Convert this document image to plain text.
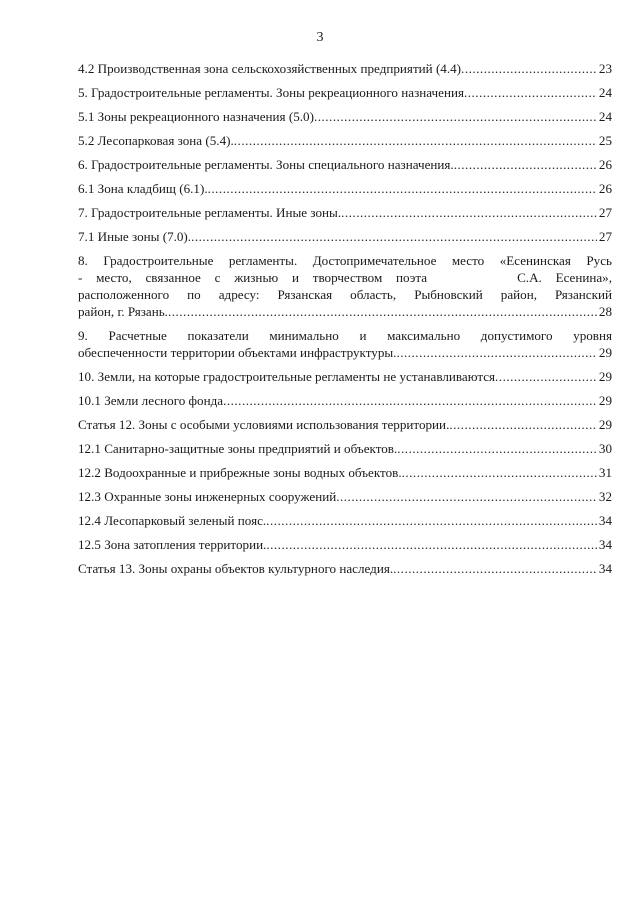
3
4.2 Производственная зона сельскохозяйственных предприятий (4.4) .....	23
5. Градостроительные регламенты. Зоны рекреационного назначения .....	24
5.1 Зоны рекреационного назначения (5.0) .....	24
5.2 Лесопарковая зона (5.4). .....	25
6. Градостроительные регламенты. Зоны специального назначения. .....	26
6.1 Зона кладбищ (6.1). .....	26
7. Градостроительные регламенты. Иные зоны. .....	27
7.1 Иные зоны (7.0). .....	27
8. Градостроительные регламенты. Достопримечательное место «Есенинская Русь
- место, связанное с жизнью и творчеством поэта	С.А. Есенина»,
расположенного по адресу: Рязанская область, Рыбновский район, Рязанский
район, г. Рязань. .....	28
9. Расчетные показатели минимально и максимально допустимого уровня
обеспеченности территории объектами инфраструктуры. .....	29
10. Земли, на которые градостроительные регламенты не устанавливаются .....	29
10.1 Земли лесного фонда .....	29
Статья 12. Зоны с особыми условиями использования территории. .....	29
12.1 Санитарно-защитные зоны предприятий и объектов. .....	30
12.2 Водоохранные и прибрежные зоны водных объектов. .....	31
12.3 Охранные зоны инженерных сооружений .....	32
12.4 Лесопарковый зеленый пояс. .....	34
12.5 Зона затопления территории. .....	34
Статья 13. Зоны охраны объектов культурного наследия. .....	34
